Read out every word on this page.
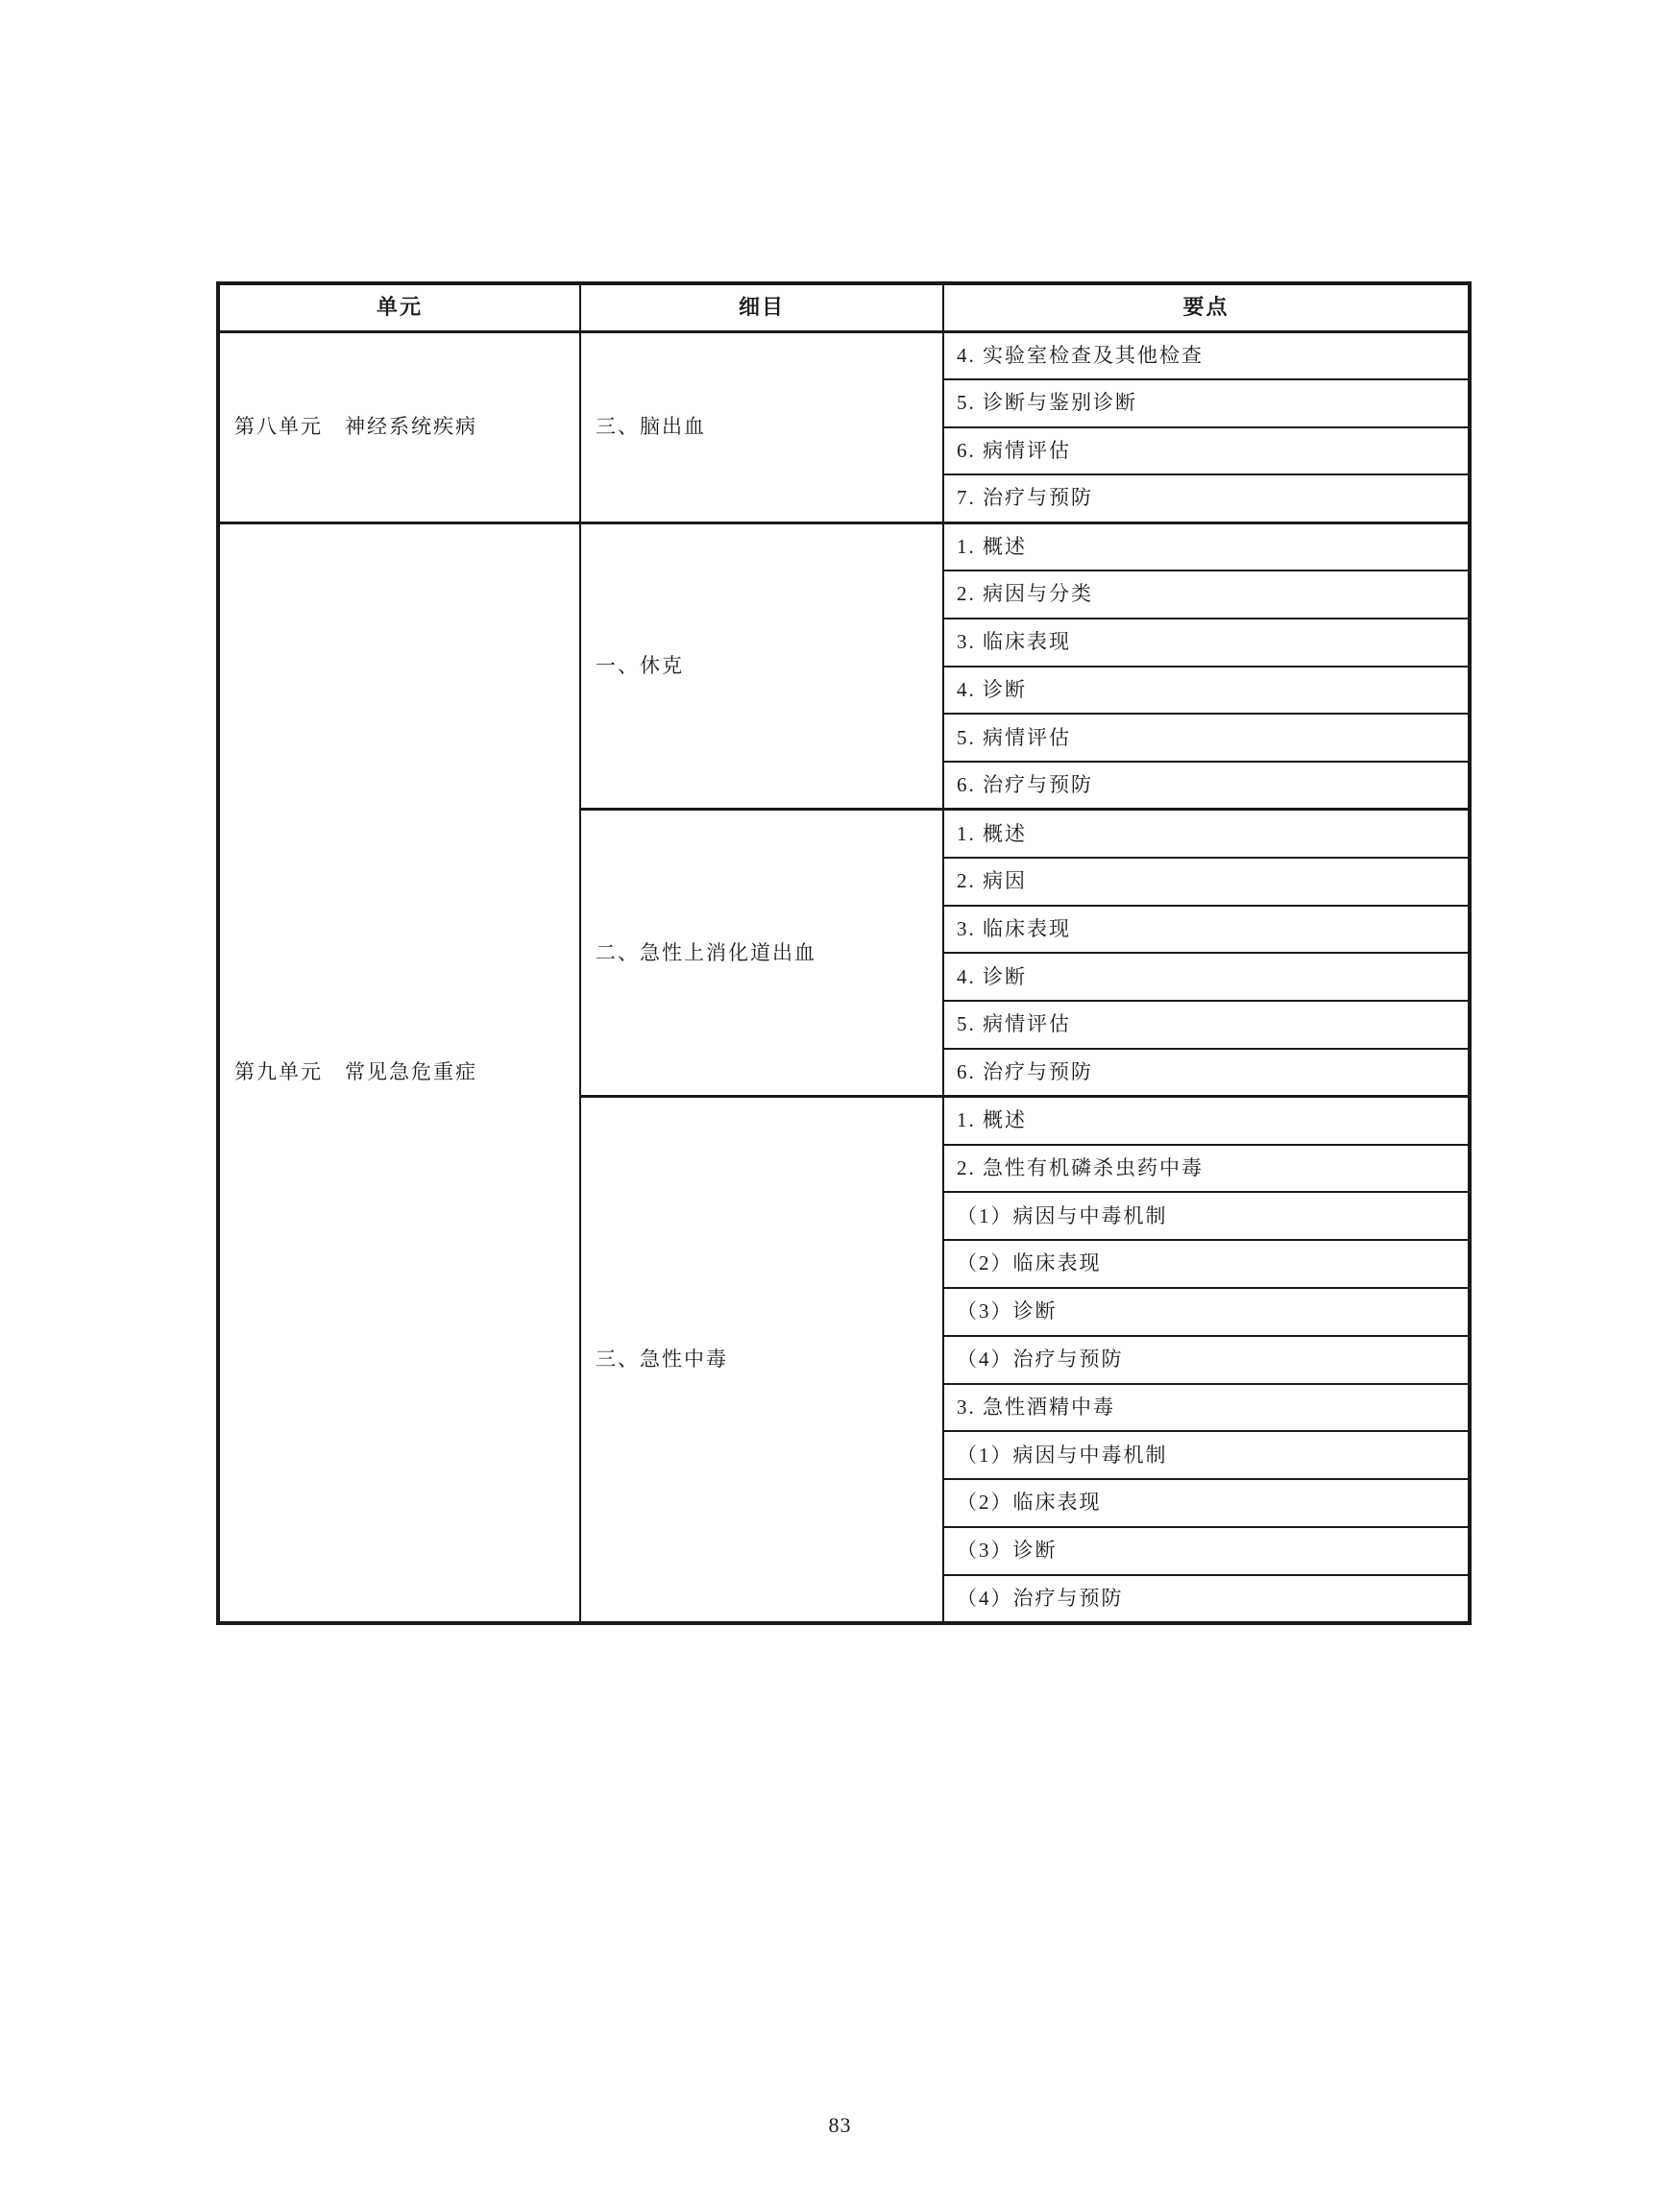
单元	细目	要点
第八单元　神经系统疾病	三、脑出血	4. 实验室检查及其他检查
		5. 诊断与鉴别诊断
		6. 病情评估
		7. 治疗与预防
第九单元　常见急危重症	一、休克	1. 概述
		2. 病因与分类
		3. 临床表现
		4. 诊断
		5. 病情评估
		6. 治疗与预防
	二、急性上消化道出血	1. 概述
		2. 病因
		3. 临床表现
		4. 诊断
		5. 病情评估
		6. 治疗与预防
	三、急性中毒	1. 概述
		2. 急性有机磷杀虫药中毒
		（1）病因与中毒机制
		（2）临床表现
		（3）诊断
		（4）治疗与预防
		3. 急性酒精中毒
		（1）病因与中毒机制
		（2）临床表现
		（3）诊断
		（4）治疗与预防
83
